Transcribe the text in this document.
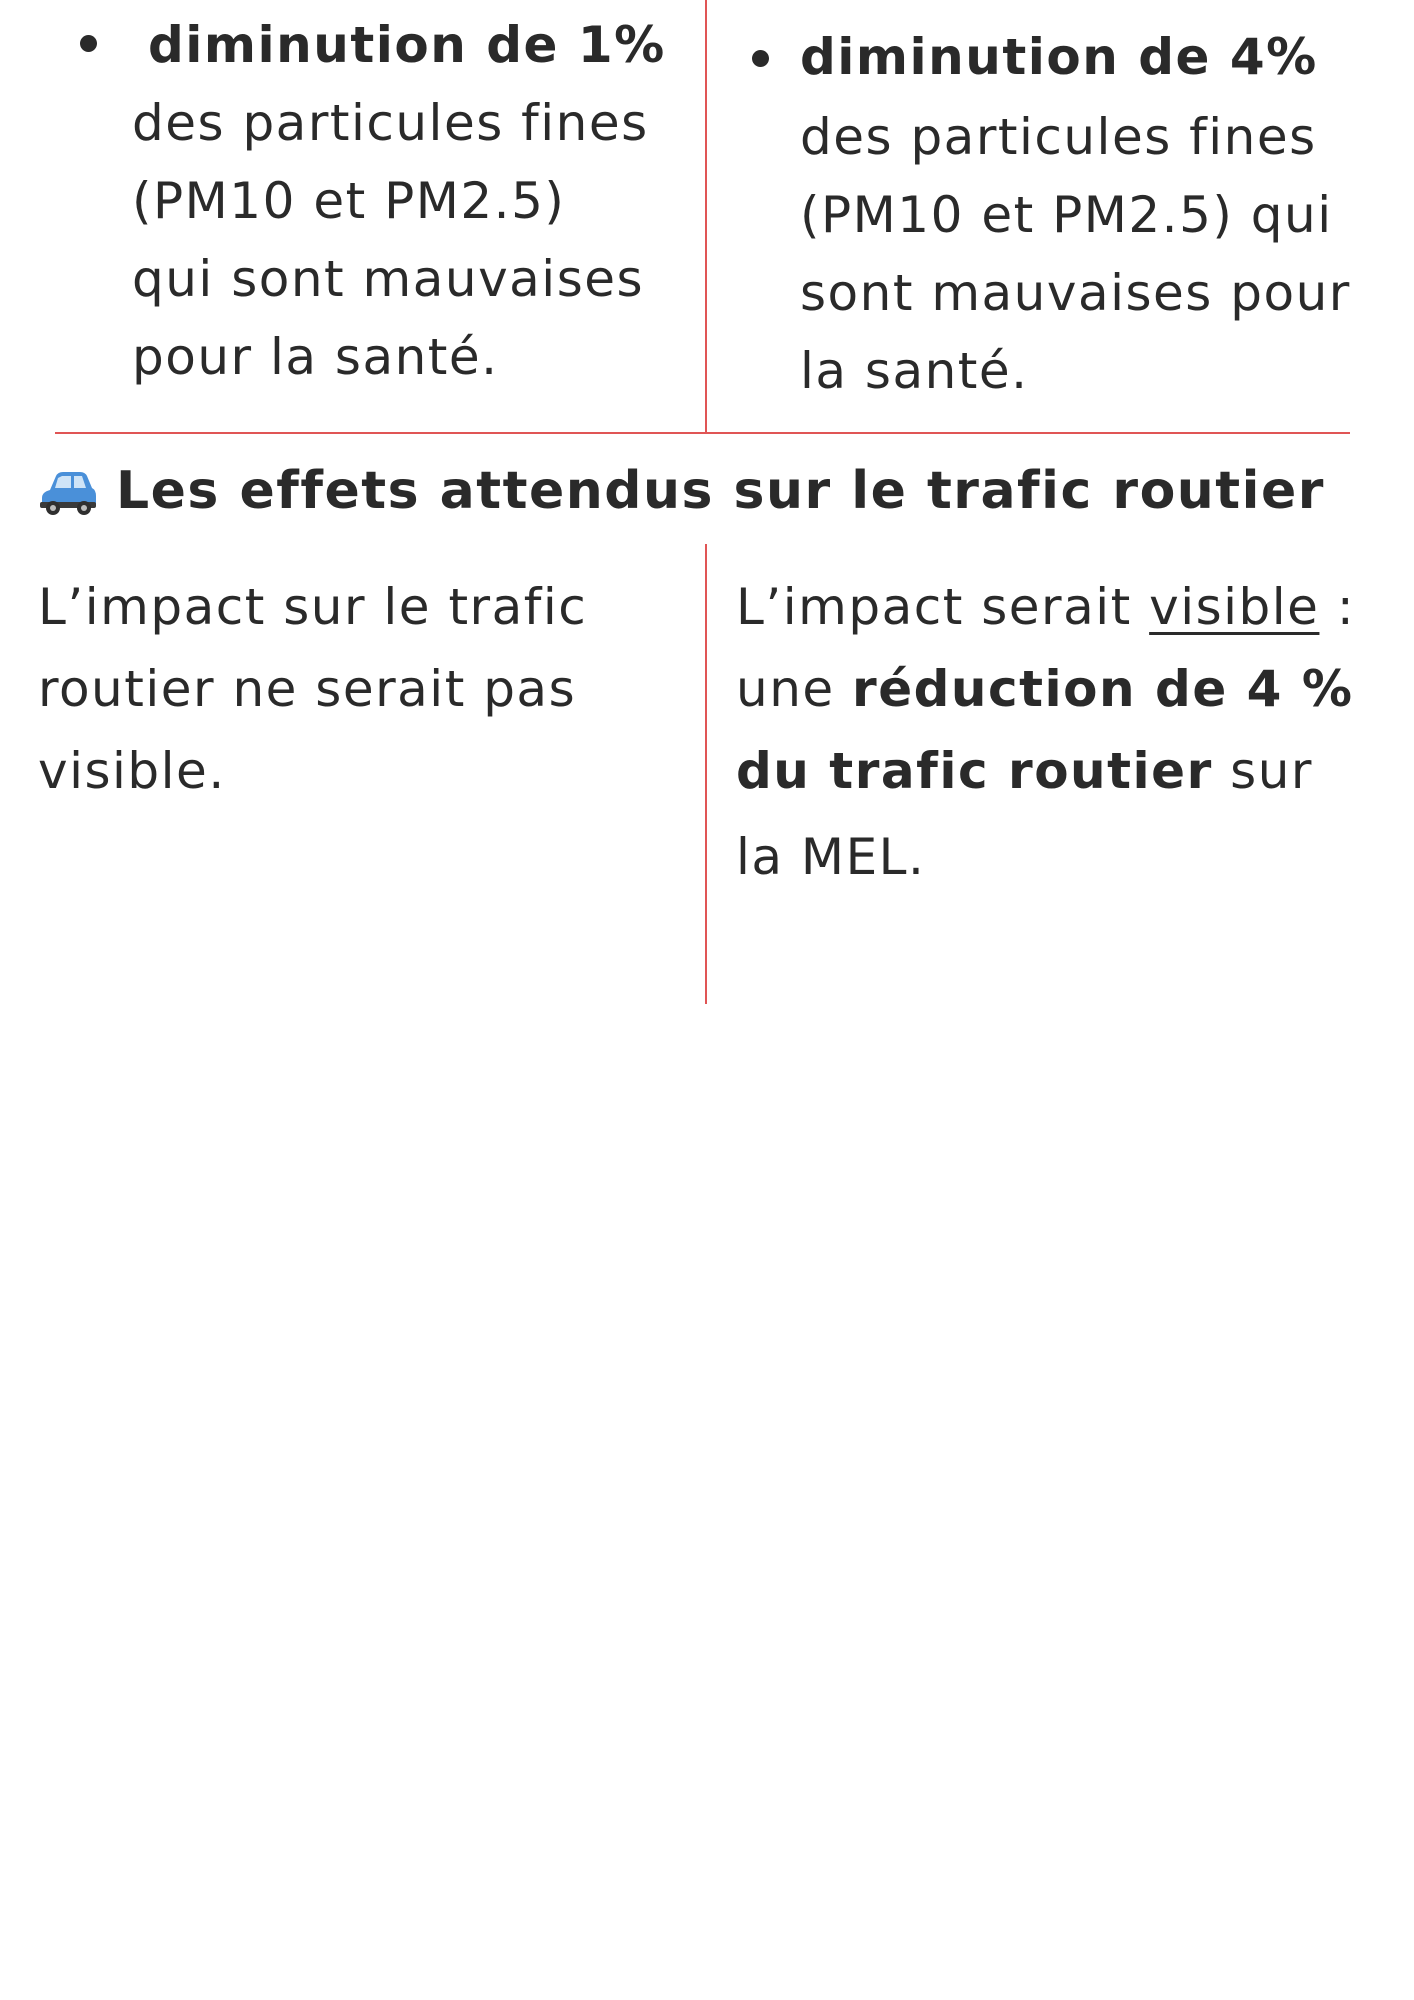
diminution de 1%
des particules fines
(PM10 et PM2.5)
qui sont mauvaises
pour la santé.
diminution de 4%
des particules fines
(PM10 et PM2.5) qui
sont mauvaises pour
la santé.
Les effets attendus sur le trafic routier
L’impact sur le trafic
routier ne serait pas
visible.
L’impact serait visible :
une réduction de 4 %
du trafic routier sur
la MEL.
